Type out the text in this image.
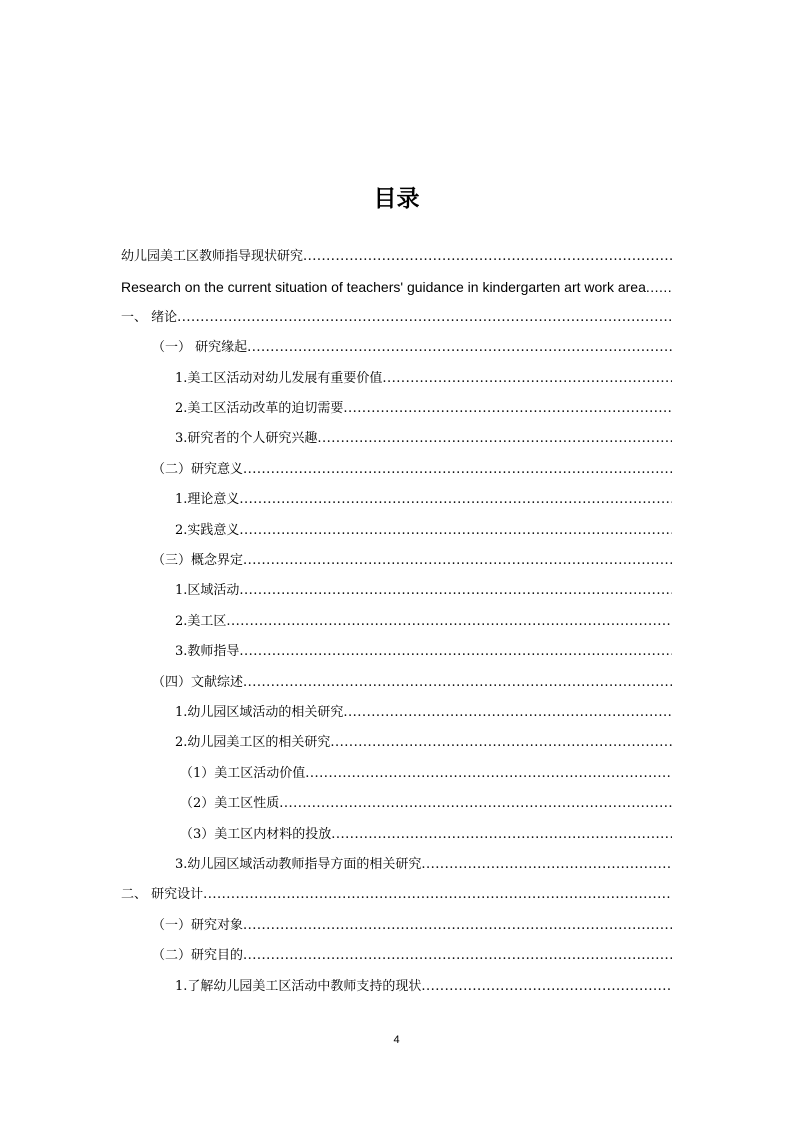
目录
幼儿园美工区教师指导现状研究
.....
Research on the current situation of teachers' guidance in kindergarten art work area
.....
一、 绪论
.....
（一） 研究缘起
.....
1.美工区活动对幼儿发展有重要价值
.....
2.美工区活动改革的迫切需要
.....
3.研究者的个人研究兴趣
.....
（二）研究意义
.....
1.理论意义
.....
2.实践意义
.....
（三）概念界定
.....
1.区域活动
.....
2.美工区
.....
3.教师指导
.....
（四）文献综述
.....
1.幼儿园区域活动的相关研究
.....
2.幼儿园美工区的相关研究
.....
（1）美工区活动价值
.....
（2）美工区性质
.....
（3）美工区内材料的投放
.....
3.幼儿园区域活动教师指导方面的相关研究
.....
二、 研究设计
.....
（一）研究对象
.....
（二）研究目的
.....
1.了解幼儿园美工区活动中教师支持的现状
.....
4
